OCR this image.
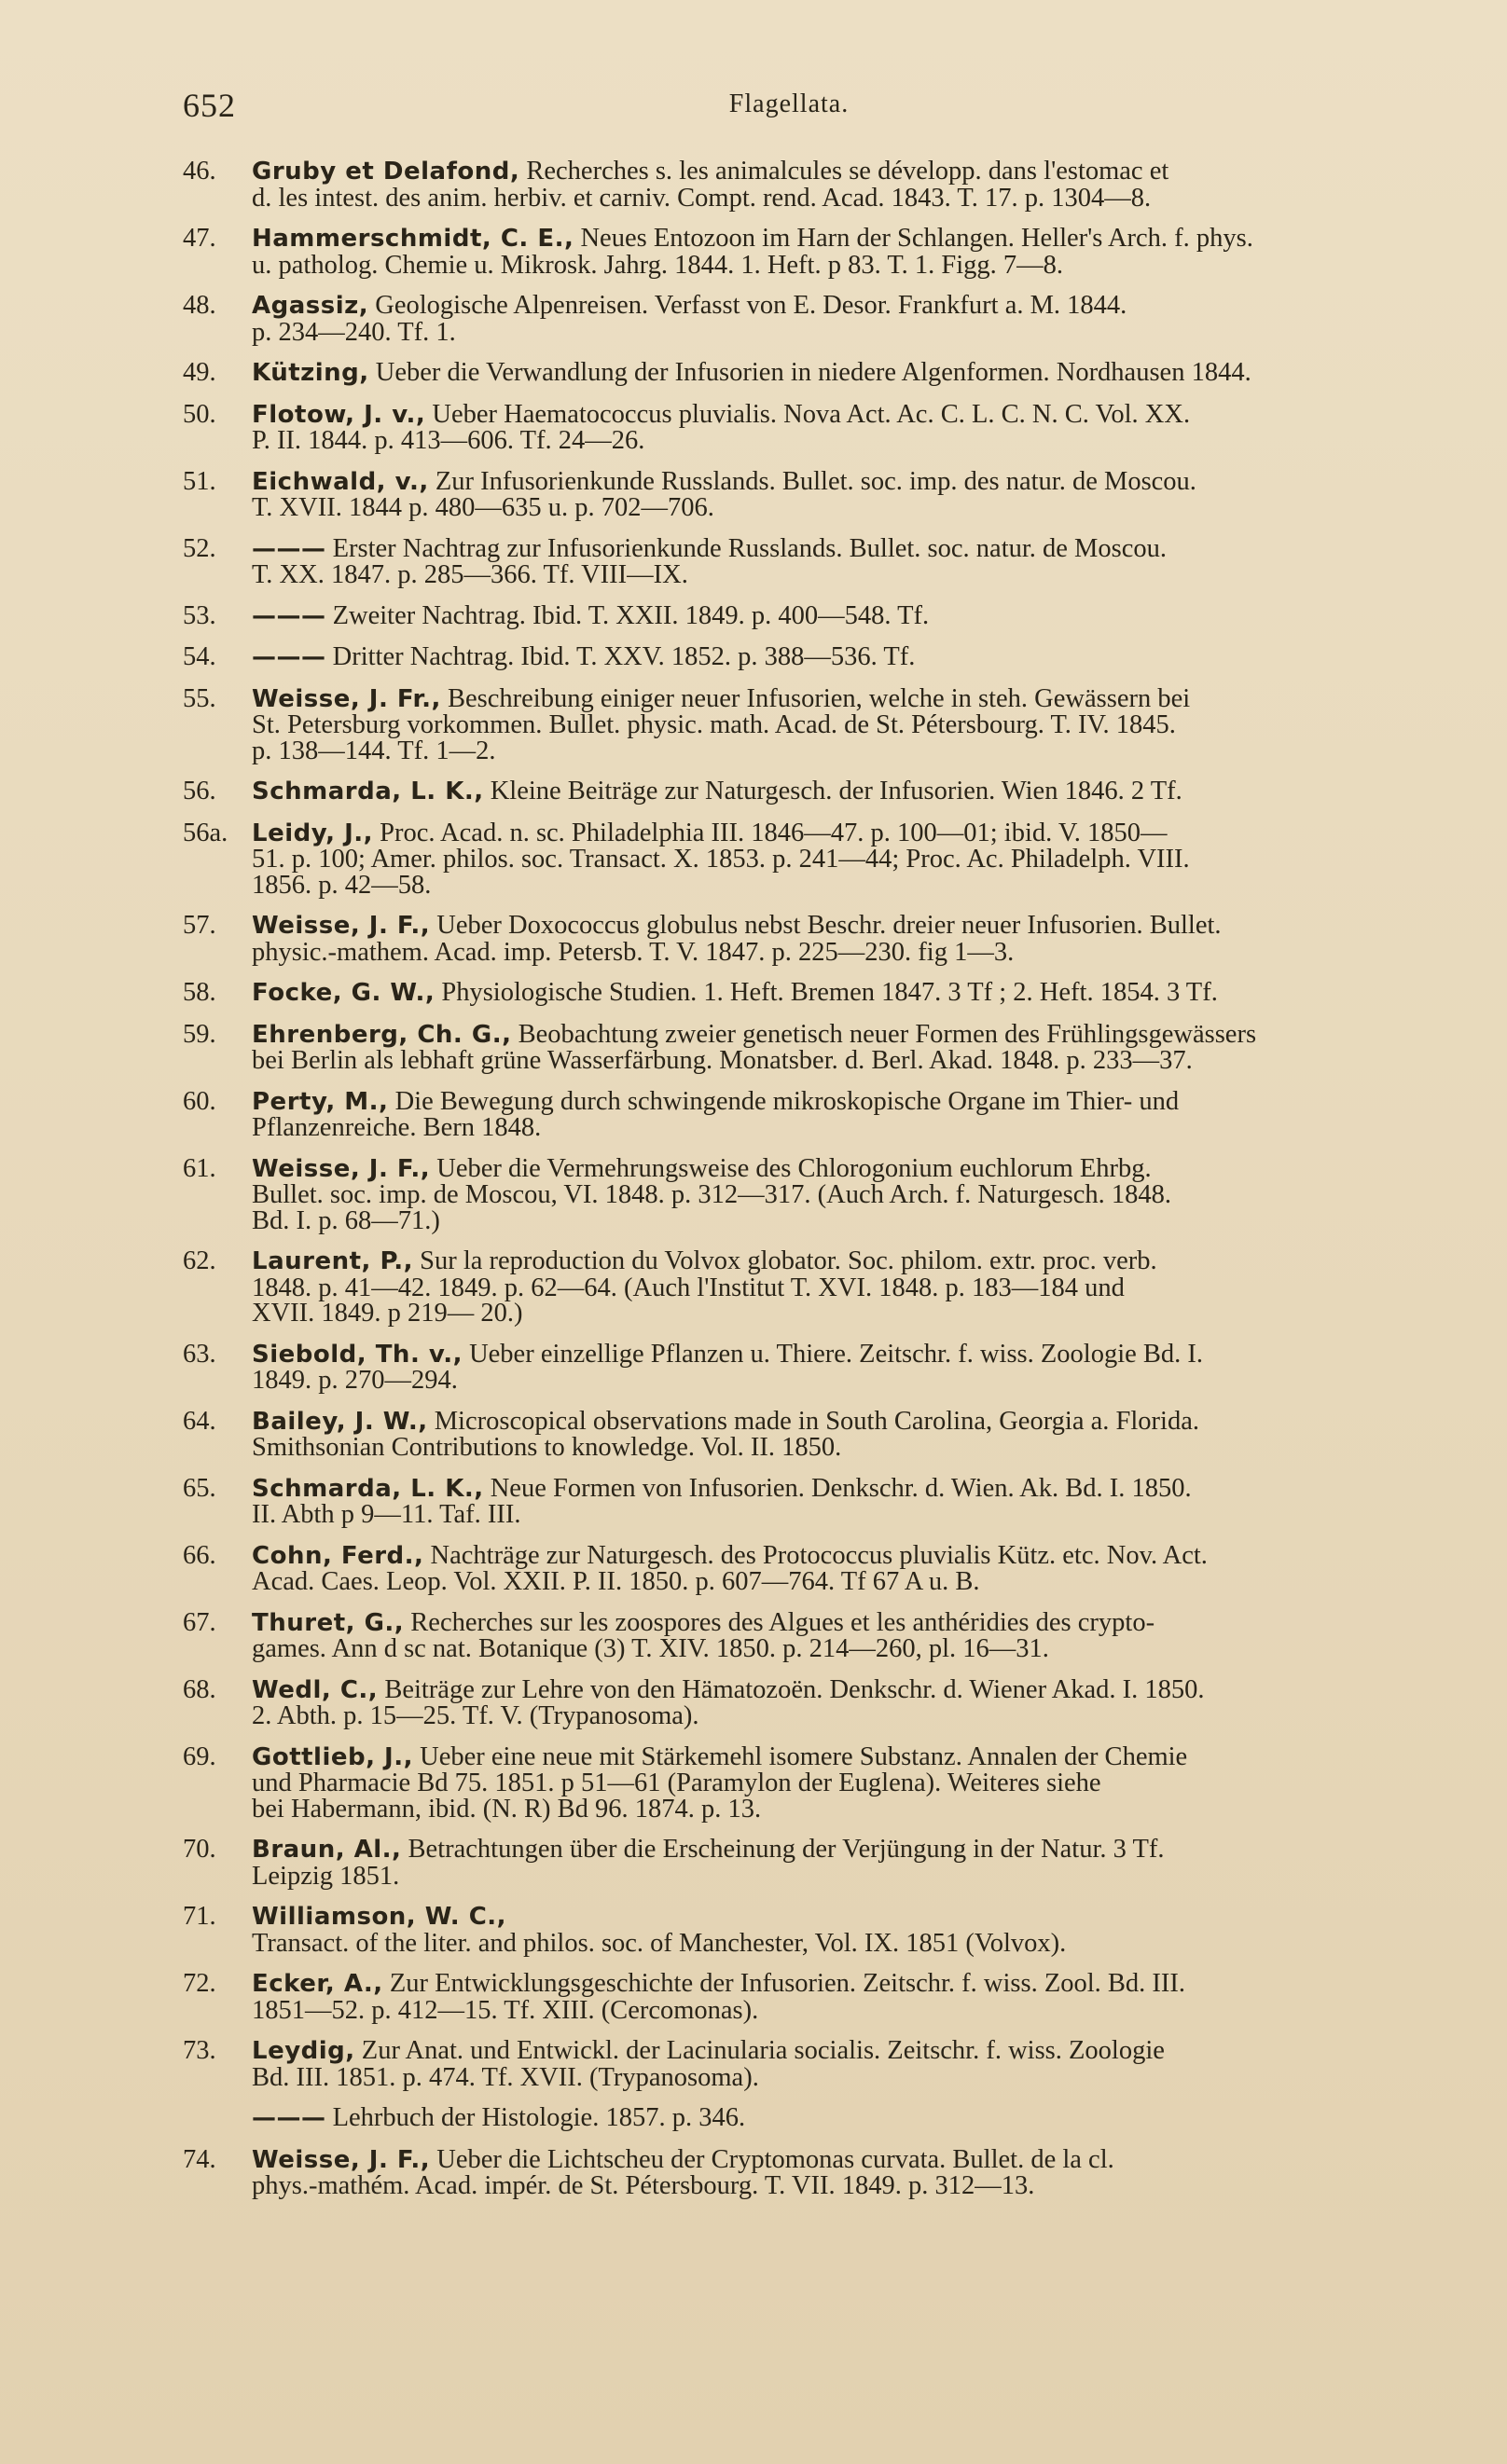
652	Flagellata.
46.	Gruby et Delafond, Recherches s. les animalcules se développ. dans l'estomac et
d. les intest. des anim. herbiv. et carniv. Compt. rend. Acad. 1843. T. 17. p. 1304—8.
47.	Hammerschmidt, C. E., Neues Entozoon im Harn der Schlangen. Heller's Arch. f. phys.
u. patholog. Chemie u. Mikrosk. Jahrg. 1844. 1. Heft. p 83. T. 1. Figg. 7—8.
48.	Agassiz, Geologische Alpenreisen. Verfasst von E. Desor. Frankfurt a. M. 1844.
p. 234—240. Tf. 1.
49.	Kützing, Ueber die Verwandlung der Infusorien in niedere Algenformen. Nordhausen 1844.
50.	Flotow, J. v., Ueber Haematococcus pluvialis. Nova Act. Ac. C. L. C. N. C. Vol. XX.
P. II. 1844. p. 413—606. Tf. 24—26.
51.	Eichwald, v., Zur Infusorienkunde Russlands. Bullet. soc. imp. des natur. de Moscou.
T. XVII. 1844 p. 480—635 u. p. 702—706.
52.	——— Erster Nachtrag zur Infusorienkunde Russlands. Bullet. soc. natur. de Moscou.
T. XX. 1847. p. 285—366. Tf. VIII—IX.
53.	——— Zweiter Nachtrag. Ibid. T. XXII. 1849. p. 400—548. Tf.
54.	——— Dritter Nachtrag. Ibid. T. XXV. 1852. p. 388—536. Tf.
55.	Weisse, J. Fr., Beschreibung einiger neuer Infusorien, welche in steh. Gewässern bei
St. Petersburg vorkommen. Bullet. physic. math. Acad. de St. Pétersbourg. T. IV. 1845.
p. 138—144. Tf. 1—2.
56.	Schmarda, L. K., Kleine Beiträge zur Naturgesch. der Infusorien. Wien 1846. 2 Tf.
56a. Leidy, J., Proc. Acad. n. sc. Philadelphia III. 1846—47. p. 100—01; ibid. V. 1850—
51. p. 100; Amer. philos. soc. Transact. X. 1853. p. 241—44; Proc. Ac. Philadelph. VIII.
1856. p. 42—58.
57.	Weisse, J. F., Ueber Doxococcus globulus nebst Beschr. dreier neuer Infusorien. Bullet.
physic.-mathem. Acad. imp. Petersb. T. V. 1847. p. 225—230. fig 1—3.
58.	Focke, G. W., Physiologische Studien. 1. Heft. Bremen 1847. 3 Tf ; 2. Heft. 1854. 3 Tf.
59.	Ehrenberg, Ch. G., Beobachtung zweier genetisch neuer Formen des Frühlingsgewässers
bei Berlin als lebhaft grüne Wasserfärbung. Monatsber. d. Berl. Akad. 1848. p. 233—37.
60.	Perty, M., Die Bewegung durch schwingende mikroskopische Organe im Thier- und
Pflanzenreiche. Bern 1848.
61.	Weisse, J. F., Ueber die Vermehrungsweise des Chlorogonium euchlorum Ehrbg.
Bullet. soc. imp. de Moscou, VI. 1848. p. 312—317. (Auch Arch. f. Naturgesch. 1848.
Bd. I. p. 68—71.)
62.	Laurent, P., Sur la reproduction du Volvox globator. Soc. philom. extr. proc. verb.
1848. p. 41—42. 1849. p. 62—64. (Auch l'Institut T. XVI. 1848. p. 183—184 und
XVII. 1849. p 219— 20.)
63.	Siebold, Th. v., Ueber einzellige Pflanzen u. Thiere. Zeitschr. f. wiss. Zoologie Bd. I.
1849. p. 270—294.
64.	Bailey, J. W., Microscopical observations made in South Carolina, Georgia a. Florida.
Smithsonian Contributions to knowledge. Vol. II. 1850.
65.	Schmarda, L. K., Neue Formen von Infusorien. Denkschr. d. Wien. Ak. Bd. I. 1850.
II. Abth p 9—11. Taf. III.
66.	Cohn, Ferd., Nachträge zur Naturgesch. des Protococcus pluvialis Kütz. etc. Nov. Act.
Acad. Caes. Leop. Vol. XXII. P. II. 1850. p. 607—764. Tf 67 A u. B.
67.	Thuret, G., Recherches sur les zoospores des Algues et les anthéridies des crypto-
games. Ann d sc nat. Botanique (3) T. XIV. 1850. p. 214—260, pl. 16—31.
68.	Wedl, C., Beiträge zur Lehre von den Hämatozoën. Denkschr. d. Wiener Akad. I. 1850.
2. Abth. p. 15—25. Tf. V. (Trypanosoma).
69.	Gottlieb, J., Ueber eine neue mit Stärkemehl isomere Substanz. Annalen der Chemie
und Pharmacie Bd 75. 1851. p 51—61 (Paramylon der Euglena). Weiteres siehe
bei Habermann, ibid. (N. R) Bd 96. 1874. p. 13.
70.	Braun, Al., Betrachtungen über die Erscheinung der Verjüngung in der Natur. 3 Tf.
Leipzig 1851.
71.	Williamson, W. C.,
Transact. of the liter. and philos. soc. of Manchester, Vol. IX. 1851 (Volvox).
72.	Ecker, A., Zur Entwicklungsgeschichte der Infusorien. Zeitschr. f. wiss. Zool. Bd. III.
1851—52. p. 412—15. Tf. XIII. (Cercomonas).
73.	Leydig, Zur Anat. und Entwickl. der Lacinularia socialis. Zeitschr. f. wiss. Zoologie
Bd. III. 1851. p. 474. Tf. XVII. (Trypanosoma).
——— Lehrbuch der Histologie. 1857. p. 346.
74.	Weisse, J. F., Ueber die Lichtscheu der Cryptomonas curvata. Bullet. de la cl.
phys.-mathém. Acad. impér. de St. Pétersbourg. T. VII. 1849. p. 312—13.
